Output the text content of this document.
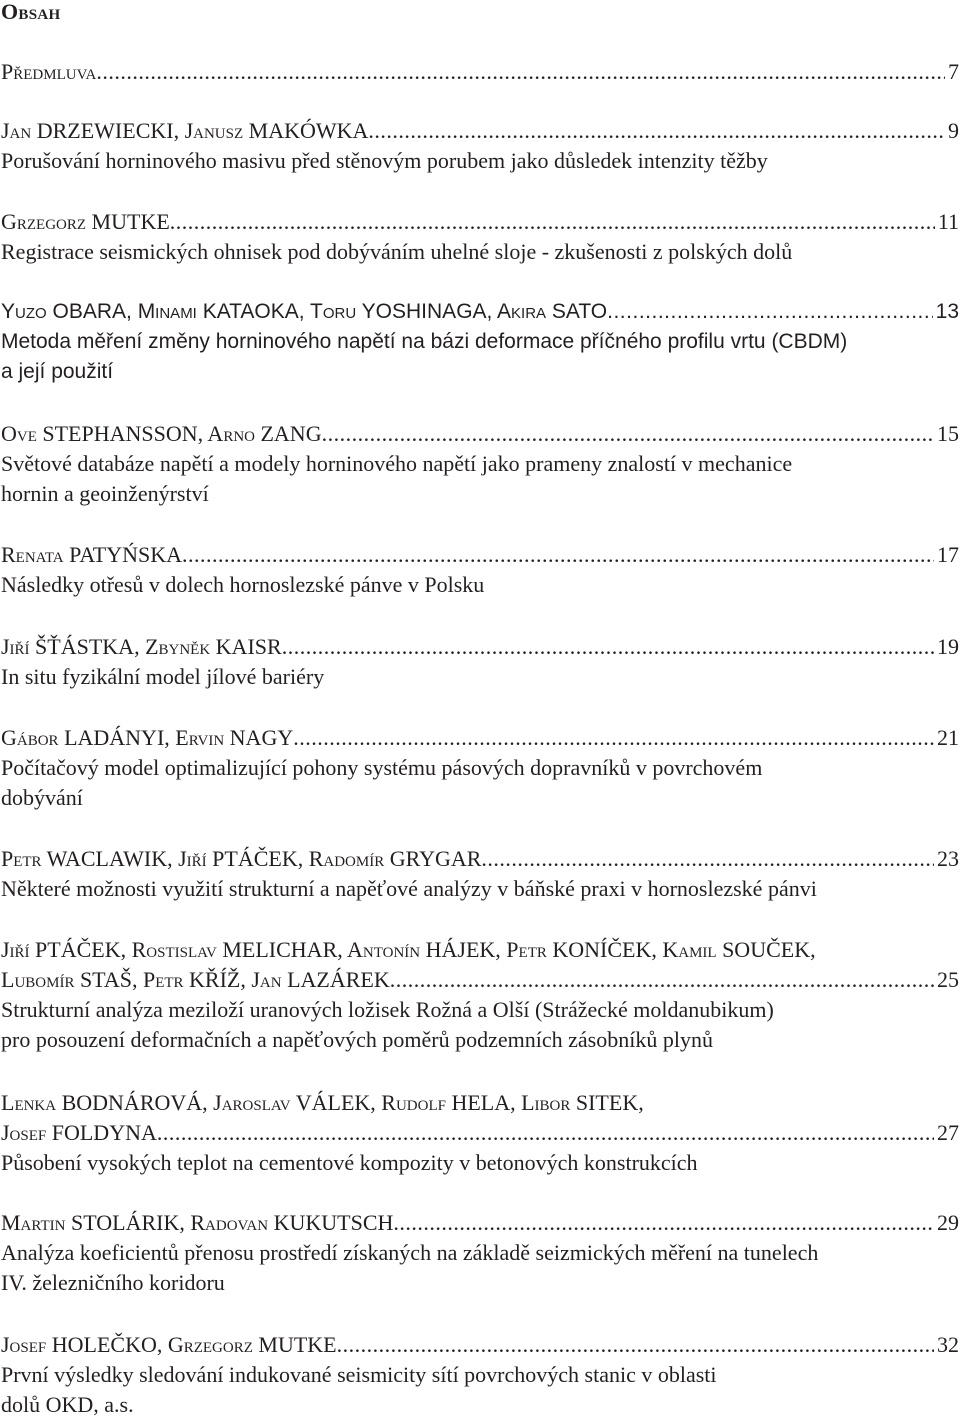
Obsah
Předmluva .....	7
Jan DRZEWIECKI, Janusz MAKÓWKA .....	9
Porušování horninového masivu před stěnovým porubem jako důsledek intenzity těžby
Grzegorz MUTKE .....	11
Registrace seismických ohnisek pod dobýváním uhelné sloje - zkušenosti z polských dolů
Yuzo OBARA, Minami KATAOKA, Toru YOSHINAGA, Akira SATO .....	13
Metoda měření změny horninového napětí na bázi deformace příčného profilu vrtu (CBDM)
a její použití
Ove STEPHANSSON, Arno ZANG .....	15
Světové databáze napětí a modely horninového napětí jako prameny znalostí v mechanice
hornin a geoinženýrství
Renata PATYŃSKA .....	17
Následky otřesů v dolech hornoslezské pánve v Polsku
Jiří ŠŤÁSTKA, Zbyněk KAISR .....	19
In situ fyzikální model jílové bariéry
Gábor LADÁNYI, Ervin NAGY .....	21
Počítačový model optimalizující pohony systému pásových dopravníků v povrchovém
dobývání
Petr WACLAWIK, Jiří PTÁČEK, Radomír GRYGAR .....	23
Některé možnosti využití strukturní a napěťové analýzy v báňské praxi v hornoslezské pánvi
Jiří PTÁČEK, Rostislav MELICHAR, Antonín HÁJEK, Petr KONÍČEK, Kamil SOUČEK,
Lubomír STAŠ, Petr KŘÍŽ, Jan LAZÁREK .....	25
Strukturní analýza meziloží uranových ložisek Rožná a Olší (Strážecké moldanubikum)
pro posouzení deformačních a napěťových poměrů podzemních zásobníků plynů
Lenka BODNÁROVÁ, Jaroslav VÁLEK, Rudolf HELA, Libor SITEK,
Josef FOLDYNA .....	27
Působení vysokých teplot na cementové kompozity v betonových konstrukcích
Martin STOLÁRIK, Radovan KUKUTSCH .....	29
Analýza koeficientů přenosu prostředí získaných na základě seizmických měření na tunelech
IV. železničního koridoru
Josef HOLEČKO, Grzegorz MUTKE .....	32
První výsledky sledování indukované seismicity sítí povrchových stanic v oblasti
dolů OKD, a.s.
